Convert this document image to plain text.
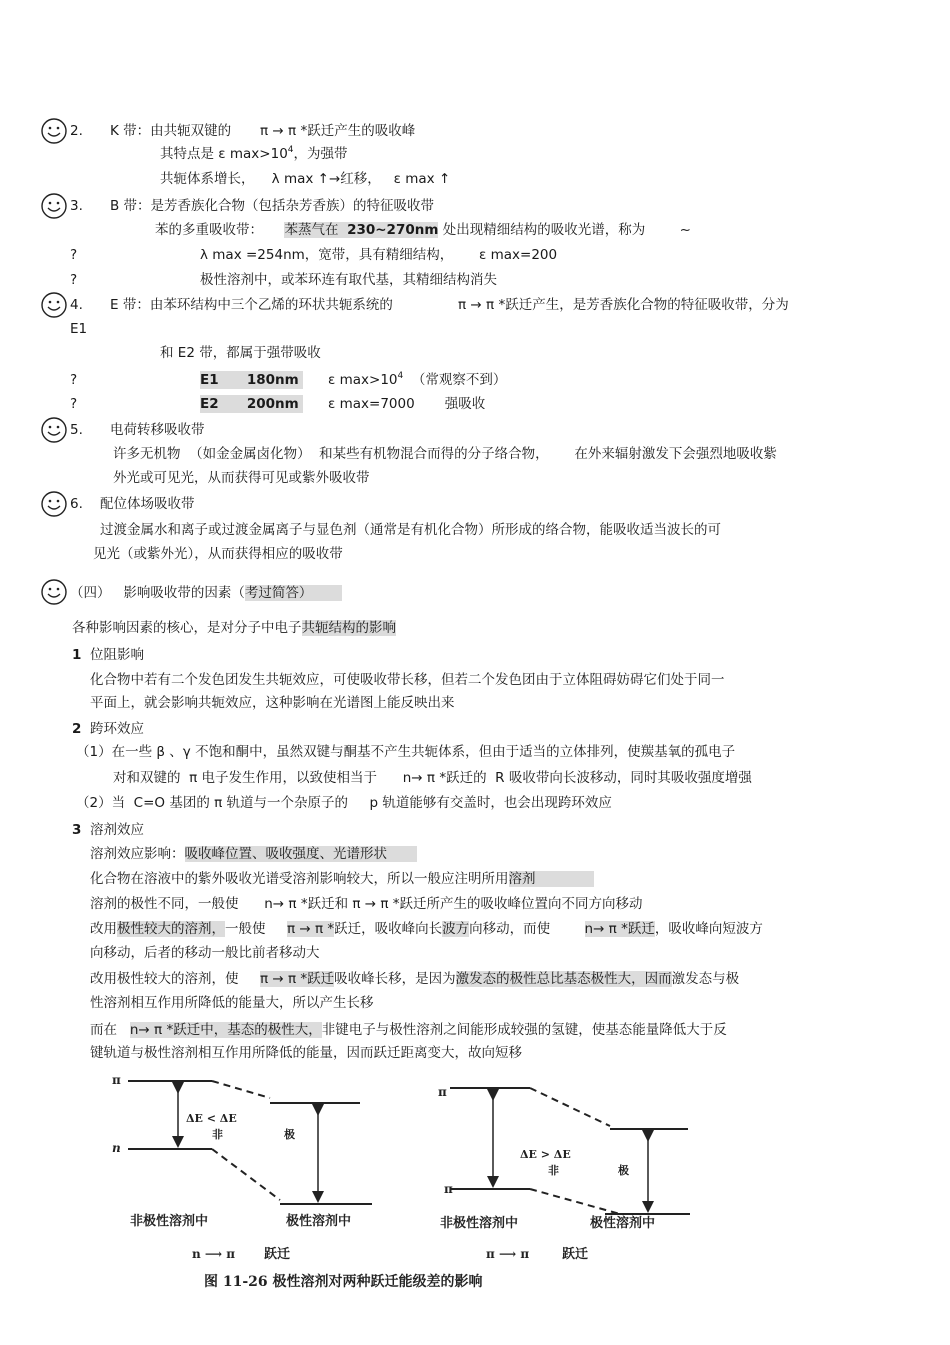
2. K 带：由共轭双键的 π → π *跃迁产生的吸收峰
其特点是 ε $\max>10^4$，为强带
共轭体系增长，    λ max ↑→红移，   ε max ↑
3. B 带：是芳香族化合物（包括杂芳香族）的特征吸收带
苯的多重吸收带： 苯蒸气在 230~270nm 处出现精细结构的吸收光谱，称为	~
?	λ max =254nm，宽带，具有精细结构，      ε max=200
?	极性溶剂中，或苯环连有取代基，其精细结构消失
4. E 带：由苯环结构中三个乙烯的环状共轭系统的	π → π *跃迁产生，是芳香族化合物的特征吸收带，分为
E1
和 E2 带，都属于强带吸收
?	E1 180nm	ε $\max>10^4$ （常观察不到）
?	E2 200nm	ε max=7000 强吸收
5. 电荷转移吸收带
许多无机物  （如金金属卤化物）  和某些有机物混合而得的分子络合物，      在外来辐射激发下会强烈地吸收紫
外光或可见光，从而获得可见或紫外吸收带
6. 配位体场吸收带
过渡金属水和离子或过渡金属离子与显色剂（通常是有机化合物）所形成的络合物，能吸收适当波长的可
见光（或紫外光），从而获得相应的吸收带
（四）   影响吸收带的因素（考过简答）
各种影响因素的核心，是对分子中电子共轭结构的影响
1 位阻影响
化合物中若有二个发色团发生共轭效应，可使吸收带长移，但若二个发色团由于立体阻碍妨碍它们处于同一
平面上，就会影响共轭效应，这种影响在光谱图上能反映出来
2 跨环效应
（1）在一些 β 、γ 不饱和酮中，虽然双键与酮基不产生共轭体系，但由于适当的立体排列，使羰基氧的孤电子
对和双键的  π 电子发生作用，以致使相当于      n→ π *跃迁的  R 吸收带向长波移动，同时其吸收强度增强
（2）当  C=O 基团的 π 轨道与一个杂原子的     p 轨道能够有交盖时，也会出现跨环效应
3 溶剂效应
溶剂效应影响：吸收峰位置、吸收强度、光谱形状
化合物在溶液中的紫外吸收光谱受溶剂影响较大，所以一般应注明所用溶剂
溶剂的极性不同，一般使      n→ π *跃迁和 π → π *跃迁所产生的吸收峰位置向不同方向移动
改用极性较大的溶剂，一般使     π → π *跃迁，吸收峰向长波方向移动，而使        n→ π *跃迁，吸收峰向短波方
向移动，后者的移动一般比前者移动大
改用极性较大的溶剂，使     π → π *跃迁吸收峰长移，是因为激发态的极性总比基态极性大，因而激发态与极
性溶剂相互作用所降低的能量大，所以产生长移
而在   n→ π *跃迁中，基态的极性大，非键电子与极性溶剂之间能形成较强的氢键，使基态能量降低大于反
键轨道与极性溶剂相互作用所降低的能量，因而跃迁距离变大，故向短移
π
n
ΔE < ΔE
非	极
非极性溶剂中	极性溶剂中
n ⟶ π 跃迁
π
π
ΔE > ΔE
非	极
非极性溶剂中	极性溶剂中
π ⟶ π	跃迁
图 11-26 极性溶剂对两种跃迁能级差的影响
